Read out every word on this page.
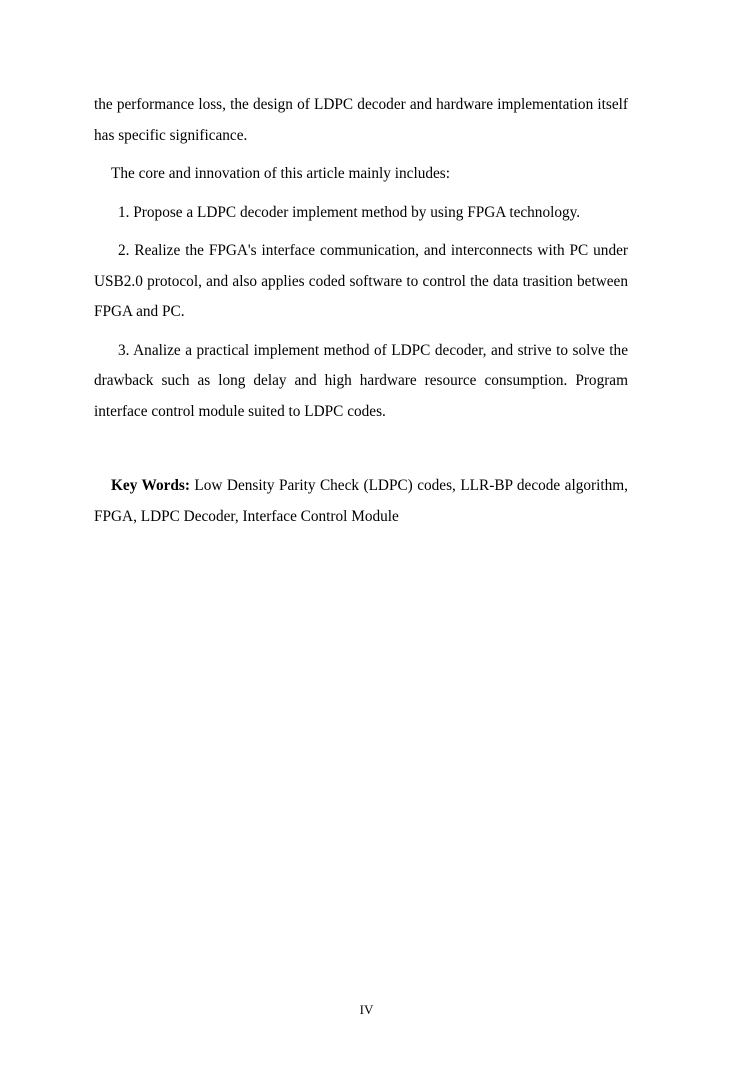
the performance loss, the design of LDPC decoder and hardware implementation itself has specific significance.

The core and innovation of this article mainly includes:

1. Propose a LDPC decoder implement method by using FPGA technology.

2. Realize the FPGA's interface communication, and interconnects with PC under USB2.0 protocol, and also applies coded software to control the data trasition between FPGA and PC.

3. Analize a practical implement method of LDPC decoder, and strive to solve the drawback such as long delay and high hardware resource consumption. Program interface control module suited to LDPC codes.

Key Words: Low Density Parity Check (LDPC) codes, LLR-BP decode algorithm, FPGA, LDPC Decoder, Interface Control Module

IV
